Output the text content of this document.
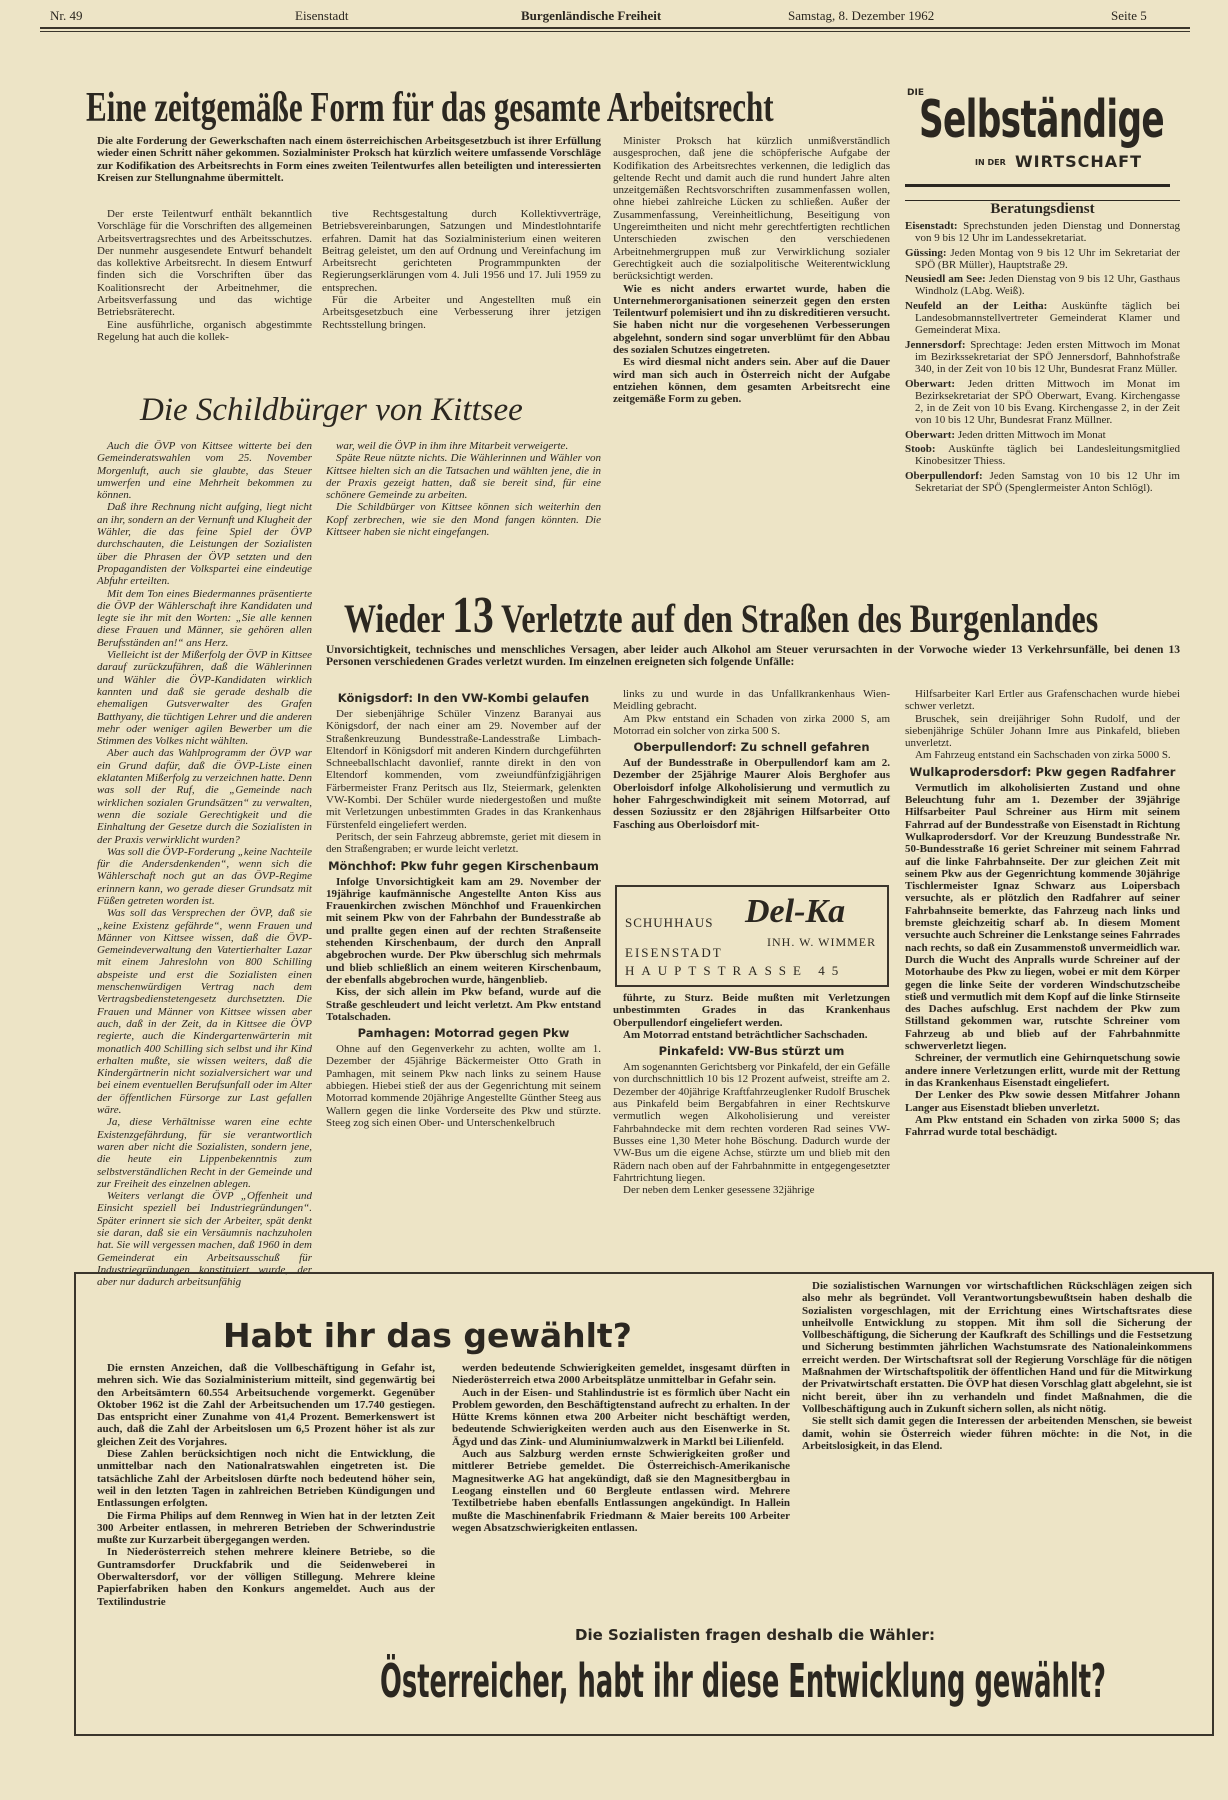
Nr. 49	Eisenstadt	Burgenländische Freiheit	Samstag, 8. Dezember 1962	Seite 5
Eine zeitgemäße Form für das gesamte Arbeitsrecht
Die alte Forderung der Gewerkschaften nach einem österreichischen Arbeitsgesetzbuch ist ihrer Erfüllung wieder einen Schritt näher gekommen. Sozialminister Proksch hat kürzlich weitere umfassende Vorschläge zur Kodifikation des Arbeitsrechts in Form eines zweiten Teilentwurfes allen beteiligten und interessierten Kreisen zur Stellungnahme übermittelt.

Der erste Teilentwurf enthält bekanntlich Vorschläge für die Vorschriften des allgemeinen Arbeitsvertragsrechtes und des Arbeitsschutzes. Der nunmehr ausgesendete Entwurf behandelt das kollektive Arbeitsrecht. In diesem Entwurf finden sich die Vorschriften über das Koalitionsrecht der Arbeitnehmer, die Arbeitsverfassung und das wichtige Betriebsräterecht.

Eine ausführliche, organisch abgestimmte Regelung hat auch die kollek-

tive Rechtsgestaltung durch Kollektivverträge, Betriebsvereinbarungen, Satzungen und Mindestlohntarife erfahren. Damit hat das Sozialministerium einen weiteren Beitrag geleistet, um den auf Ordnung und Vereinfachung im Arbeitsrecht gerichteten Programmpunkten der Regierungserklärungen vom 4. Juli 1956 und 17. Juli 1959 zu entsprechen.

Für die Arbeiter und Angestellten muß ein Arbeitsgesetzbuch eine Verbesserung ihrer jetzigen Rechtsstellung bringen.

Minister Proksch hat kürzlich unmißverständlich ausgesprochen, daß jene die schöpferische Aufgabe der Kodifikation des Arbeitsrechtes verkennen, die lediglich das geltende Recht und damit auch die rund hundert Jahre alten unzeitgemäßen Rechtsvorschriften zusammenfassen wollen, ohne hiebei zahlreiche Lücken zu schließen. Außer der Zusammenfassung, Vereinheitlichung, Beseitigung von Ungereimtheiten und nicht mehr gerechtfertigten rechtlichen Unterschieden zwischen den verschiedenen Arbeitnehmergruppen muß zur Verwirklichung sozialer Gerechtigkeit auch die sozialpolitische Weiterentwicklung berücksichtigt werden.

Wie es nicht anders erwartet wurde, haben die Unternehmerorganisationen seinerzeit gegen den ersten Teilentwurf polemisiert und ihn zu diskreditieren versucht. Sie haben nicht nur die vorgesehenen Verbesserungen abgelehnt, sondern sind sogar unverblümt für den Abbau des sozialen Schutzes eingetreten.

Es wird diesmal nicht anders sein. Aber auf die Dauer wird man sich auch in Österreich nicht der Aufgabe entziehen können, dem gesamten Arbeitsrecht eine zeitgemäße Form zu geben.

DIE
Selbständige
IN DER WIRTSCHAFT
Beratungsdienst

Eisenstadt: Sprechstunden jeden Dienstag und Donnerstag von 9 bis 12 Uhr im Landessekretariat.

Güssing: Jeden Montag von 9 bis 12 Uhr im Sekretariat der SPÖ (BR Müller), Hauptstraße 29.

Neusiedl am See: Jeden Dienstag von 9 bis 12 Uhr, Gasthaus Windholz (LAbg. Weiß).

Neufeld an der Leitha: Auskünfte täglich bei Landesobmannstellvertreter Gemeinderat Klamer und Gemeinderat Mixa.

Jennersdorf: Sprechtage: Jeden ersten Mittwoch im Monat im Bezirkssekretariat der SPÖ Jennersdorf, Bahnhofstraße 340, in der Zeit von 10 bis 12 Uhr, Bundesrat Franz Müller.

Oberwart: Jeden dritten Mittwoch im Monat im Bezirksekretariat der SPÖ Oberwart, Evang. Kirchengasse 2, in de Zeit von 10 bis Evang. Kirchengasse 2, in der Zeit von 10 bis 12 Uhr, Bundesrat Franz Müllner.

Oberwart: Jeden dritten Mittwoch im Monat

Stoob: Auskünfte täglich bei Landesleitungsmitglied Kinobesitzer Thiess.

Oberpullendorf: Jeden Samstag von 10 bis 12 Uhr im Sekretariat der SPÖ (Spenglermeister Anton Schlögl).

Die Schildbürger von Kittsee

Auch die ÖVP von Kittsee witterte bei den Gemeinderatswahlen vom 25. November Morgenluft, auch sie glaubte, das Steuer umwerfen und eine Mehrheit bekommen zu können.

Daß ihre Rechnung nicht aufging, liegt nicht an ihr, sondern an der Vernunft und Klugheit der Wähler, die das feine Spiel der ÖVP durchschauten, die Leistungen der Sozialisten über die Phrasen der ÖVP setzten und den Propagandisten der Volkspartei eine eindeutige Abfuhr erteilten.

Mit dem Ton eines Biedermannes präsentierte die ÖVP der Wählerschaft ihre Kandidaten und legte sie ihr mit den Worten: „Sie alle kennen diese Frauen und Männer, sie gehören allen Berufsständen an!“ ans Herz.

Vielleicht ist der Mißerfolg der ÖVP in Kittsee darauf zurückzuführen, daß die Wählerinnen und Wähler die ÖVP-Kandidaten wirklich kannten und daß sie gerade deshalb die ehemaligen Gutsverwalter des Grafen Batthyany, die tüchtigen Lehrer und die anderen mehr oder weniger agilen Bewerber um die Stimmen des Volkes nicht wählten.

Aber auch das Wahlprogramm der ÖVP war ein Grund dafür, daß die ÖVP-Liste einen eklatanten Mißerfolg zu verzeichnen hatte. Denn was soll der Ruf, die „Gemeinde nach wirklichen sozialen Grundsätzen“ zu verwalten, wenn die soziale Gerechtigkeit und die Einhaltung der Gesetze durch die Sozialisten in der Praxis verwirklicht wurden?

Was soll die ÖVP-Forderung „keine Nachteile für die Andersdenkenden“, wenn sich die Wählerschaft noch gut an das ÖVP-Regime erinnern kann, wo gerade dieser Grundsatz mit Füßen getreten worden ist.

Was soll das Versprechen der ÖVP, daß sie „keine Existenz gefährde“, wenn Frauen und Männer von Kittsee wissen, daß die ÖVP-Gemeindeverwaltung den Vatertierhalter Lazar mit einem Jahreslohn von 800 Schilling abspeiste und erst die Sozialisten einen menschenwürdigen Vertrag nach dem Vertragsbedienstetengesetz durchsetzten. Die Frauen und Männer von Kittsee wissen aber auch, daß in der Zeit, da in Kittsee die ÖVP regierte, auch die Kindergartenwärterin mit monatlich 400 Schilling sich selbst und ihr Kind erhalten mußte, sie wissen weiters, daß die Kindergärtnerin nicht sozialversichert war und bei einem eventuellen Berufsunfall oder im Alter der öffentlichen Fürsorge zur Last gefallen wäre.

Ja, diese Verhältnisse waren eine echte Existenzgefährdung, für sie verantwortlich waren aber nicht die Sozialisten, sondern jene, die heute ein Lippenbekenntnis zum selbstverständlichen Recht in der Gemeinde und zur Freiheit des einzelnen ablegen.

Weiters verlangt die ÖVP „Offenheit und Einsicht speziell bei Industriegründungen“. Später erinnert sie sich der Arbeiter, spät denkt sie daran, daß sie ein Versäumnis nachzuholen hat. Sie will vergessen machen, daß 1960 in dem Gemeinderat ein Arbeitsausschuß für Industriegründungen konstituiert wurde, der aber nur dadurch arbeitsunfähig

war, weil die ÖVP in ihm ihre Mitarbeit verweigerte.

Späte Reue nützte nichts. Die Wählerinnen und Wähler von Kittsee hielten sich an die Tatsachen und wählten jene, die in der Praxis gezeigt hatten, daß sie bereit sind, für eine schönere Gemeinde zu arbeiten.

Die Schildbürger von Kittsee können sich weiterhin den Kopf zerbrechen, wie sie den Mond fangen könnten. Die Kittseer haben sie nicht eingefangen.

Wieder 13 Verletzte auf den Straßen des Burgenlandes
Unvorsichtigkeit, technisches und menschliches Versagen, aber leider auch Alkohol am Steuer verursachten in der Vorwoche wieder 13 Verkehrsunfälle, bei denen 13 Personen verschiedenen Grades verletzt wurden. Im einzelnen ereigneten sich folgende Unfälle:
Königsdorf: In den VW-Kombi gelaufen

Der siebenjährige Schüler Vinzenz Baranyai aus Königsdorf, der nach einer am 29. November auf der Straßenkreuzung Bundesstraße-Landesstraße Limbach-Eltendorf in Königsdorf mit anderen Kindern durchgeführten Schneeballschlacht davonlief, rannte direkt in den von Eltendorf kommenden, vom zweiundfünfzigjährigen Färbermeister Franz Peritsch aus Ilz, Steiermark, gelenkten VW-Kombi. Der Schüler wurde niedergestoßen und mußte mit Verletzungen unbestimmten Grades in das Krankenhaus Fürstenfeld eingeliefert werden.

Peritsch, der sein Fahrzeug abbremste, geriet mit diesem in den Straßengraben; er wurde leicht verletzt.

Mönchhof: Pkw fuhr gegen Kirschenbaum

Infolge Unvorsichtigkeit kam am 29. November der 19jährige kaufmännische Angestellte Anton Kiss aus Frauenkirchen zwischen Mönchhof und Frauenkirchen mit seinem Pkw von der Fahrbahn der Bundesstraße ab und prallte gegen einen auf der rechten Straßenseite stehenden Kirschenbaum, der durch den Anprall abgebrochen wurde. Der Pkw überschlug sich mehrmals und blieb schließlich an einem weiteren Kirschenbaum, der ebenfalls abgebrochen wurde, hängenblieb.

Kiss, der sich allein im Pkw befand, wurde auf die Straße geschleudert und leicht verletzt. Am Pkw entstand Totalschaden.

Pamhagen: Motorrad gegen Pkw

Ohne auf den Gegenverkehr zu achten, wollte am 1. Dezember der 45jährige Bäckermeister Otto Grath in Pamhagen, mit seinem Pkw nach links zu seinem Hause abbiegen. Hiebei stieß der aus der Gegenrichtung mit seinem Motorrad kommende 20jährige Angestellte Günther Steeg aus Wallern gegen die linke Vorderseite des Pkw und stürzte. Steeg zog sich einen Ober- und Unterschenkelbruch

links zu und wurde in das Unfallkrankenhaus Wien-Meidling gebracht.

Am Pkw entstand ein Schaden von zirka 2000 S, am Motorrad ein solcher von zirka 500 S.

Oberpullendorf: Zu schnell gefahren

Auf der Bundesstraße in Oberpullendorf kam am 2. Dezember der 25jährige Maurer Alois Berghofer aus Oberloisdorf infolge Alkoholisierung und vermutlich zu hoher Fahrgeschwindigkeit mit seinem Motorrad, auf dessen Soziussitz er den 28jährigen Hilfsarbeiter Otto Fasching aus Oberloisdorf mit-

führte, zu Sturz. Beide mußten mit Verletzungen unbestimmten Grades in das Krankenhaus Oberpullendorf eingeliefert werden.

Am Motorrad entstand beträchtlicher Sachschaden.

Pinkafeld: VW-Bus stürzt um

Am sogenannten Gerichtsberg vor Pinkafeld, der ein Gefälle von durchschnittlich 10 bis 12 Prozent aufweist, streifte am 2. Dezember der 40jährige Kraftfahrzeuglenker Rudolf Bruschek aus Pinkafeld beim Bergabfahren in einer Rechtskurve vermutlich wegen Alkoholisierung und vereister Fahrbahndecke mit dem rechten vorderen Rad seines VW-Busses eine 1,30 Meter hohe Böschung. Dadurch wurde der VW-Bus um die eigene Achse, stürzte um und blieb mit den Rädern nach oben auf der Fahrbahnmitte in entgegengesetzter Fahrtrichtung liegen.

Der neben dem Lenker gesessene 32jährige

Hilfsarbeiter Karl Ertler aus Grafenschachen wurde hiebei schwer verletzt.

Bruschek, sein dreijähriger Sohn Rudolf, und der siebenjährige Schüler Johann Imre aus Pinkafeld, blieben unverletzt.

Am Fahrzeug entstand ein Sachschaden von zirka 5000 S.

Wulkaprodersdorf: Pkw gegen Radfahrer

Vermutlich im alkoholisierten Zustand und ohne Beleuchtung fuhr am 1. Dezember der 39jährige Hilfsarbeiter Paul Schreiner aus Hirm mit seinem Fahrrad auf der Bundesstraße von Eisenstadt in Richtung Wulkaprodersdorf. Vor der Kreuzung Bundesstraße Nr. 50-Bundesstraße 16 geriet Schreiner mit seinem Fahrrad auf die linke Fahrbahnseite. Der zur gleichen Zeit mit seinem Pkw aus der Gegenrichtung kommende 30jährige Tischlermeister Ignaz Schwarz aus Loipersbach versuchte, als er plötzlich den Radfahrer auf seiner Fahrbahnseite bemerkte, das Fahrzeug nach links und bremste gleichzeitig scharf ab. In diesem Moment versuchte auch Schreiner die Lenkstange seines Fahrrades nach rechts, so daß ein Zusammenstoß unvermeidlich war. Durch die Wucht des Anpralls wurde Schreiner auf der Motorhaube des Pkw zu liegen, wobei er mit dem Körper gegen die linke Seite der vorderen Windschutzscheibe stieß und vermutlich mit dem Kopf auf die linke Stirnseite des Daches aufschlug. Erst nachdem der Pkw zum Stillstand gekommen war, rutschte Schreiner vom Fahrzeug ab und blieb auf der Fahrbahnmitte schwerverletzt liegen.

Schreiner, der vermutlich eine Gehirnquetschung sowie andere innere Verletzungen erlitt, wurde mit der Rettung in das Krankenhaus Eisenstadt eingeliefert.

Der Lenker des Pkw sowie dessen Mitfahrer Johann Langer aus Eisenstadt blieben unverletzt.

Am Pkw entstand ein Schaden von zirka 5000 S; das Fahrrad wurde total beschädigt.

SCHUHHAUS Del-Ka
INH. W. WIMMER
EISENSTADT
HAUPTSTRASSE 45
Habt ihr das gewählt?

Die ernsten Anzeichen, daß die Vollbeschäftigung in Gefahr ist, mehren sich. Wie das Sozialministerium mitteilt, sind gegenwärtig bei den Arbeitsämtern 60.554 Arbeitsuchende vorgemerkt. Gegenüber Oktober 1962 ist die Zahl der Arbeitsuchenden um 17.740 gestiegen. Das entspricht einer Zunahme von 41,4 Prozent. Bemerkenswert ist auch, daß die Zahl der Arbeitslosen um 6,5 Prozent höher ist als zur gleichen Zeit des Vorjahres.

Diese Zahlen berücksichtigen noch nicht die Entwicklung, die unmittelbar nach den Nationalratswahlen eingetreten ist. Die tatsächliche Zahl der Arbeitslosen dürfte noch bedeutend höher sein, weil in den letzten Tagen in zahlreichen Betrieben Kündigungen und Entlassungen erfolgten.

Die Firma Philips auf dem Rennweg in Wien hat in der letzten Zeit 300 Arbeiter entlassen, in mehreren Betrieben der Schwerindustrie mußte zur Kurzarbeit übergegangen werden.

In Niederösterreich stehen mehrere kleinere Betriebe, so die Guntramsdorfer Druckfabrik und die Seidenweberei in Oberwaltersdorf, vor der völligen Stillegung. Mehrere kleine Papierfabriken haben den Konkurs angemeldet. Auch aus der Textilindustrie

werden bedeutende Schwierigkeiten gemeldet, insgesamt dürften in Niederösterreich etwa 2000 Arbeitsplätze unmittelbar in Gefahr sein.

Auch in der Eisen- und Stahlindustrie ist es förmlich über Nacht ein Problem geworden, den Beschäftigtenstand aufrecht zu erhalten. In der Hütte Krems können etwa 200 Arbeiter nicht beschäftigt werden, bedeutende Schwierigkeiten werden auch aus den Eisenwerke in St. Ägyd und das Zink- und Aluminiumwalzwerk in Marktl bei Lilienfeld.

Auch aus Salzburg werden ernste Schwierigkeiten großer und mittlerer Betriebe gemeldet. Die Österreichisch-Amerikanische Magnesitwerke AG hat angekündigt, daß sie den Magnesitbergbau in Leogang einstellen und 60 Bergleute entlassen wird. Mehrere Textilbetriebe haben ebenfalls Entlassungen angekündigt. In Hallein mußte die Maschinenfabrik Friedmann & Maier bereits 100 Arbeiter wegen Absatzschwierigkeiten entlassen.

Die sozialistischen Warnungen vor wirtschaftlichen Rückschlägen zeigen sich also mehr als begründet. Voll Verantwortungsbewußtsein haben deshalb die Sozialisten vorgeschlagen, mit der Errichtung eines Wirtschaftsrates diese unheilvolle Entwicklung zu stoppen. Mit ihm soll die Sicherung der Vollbeschäftigung, die Sicherung der Kaufkraft des Schillings und die Festsetzung und Sicherung bestimmten jährlichen Wachstumsrate des Nationaleinkommens erreicht werden. Der Wirtschaftsrat soll der Regierung Vorschläge für die nötigen Maßnahmen der Wirtschaftspolitik der öffentlichen Hand und für die Mitwirkung der Privatwirtschaft erstatten. Die ÖVP hat diesen Vorschlag glatt abgelehnt, sie ist nicht bereit, über ihn zu verhandeln und findet Maßnahmen, die die Vollbeschäftigung auch in Zukunft sichern sollen, als nicht nötig.

Sie stellt sich damit gegen die Interessen der arbeitenden Menschen, sie beweist damit, wohin sie Österreich wieder führen möchte: in die Not, in die Arbeitslosigkeit, in das Elend.

Die Sozialisten fragen deshalb die Wähler:
Österreicher, habt ihr diese Entwicklung gewählt?
